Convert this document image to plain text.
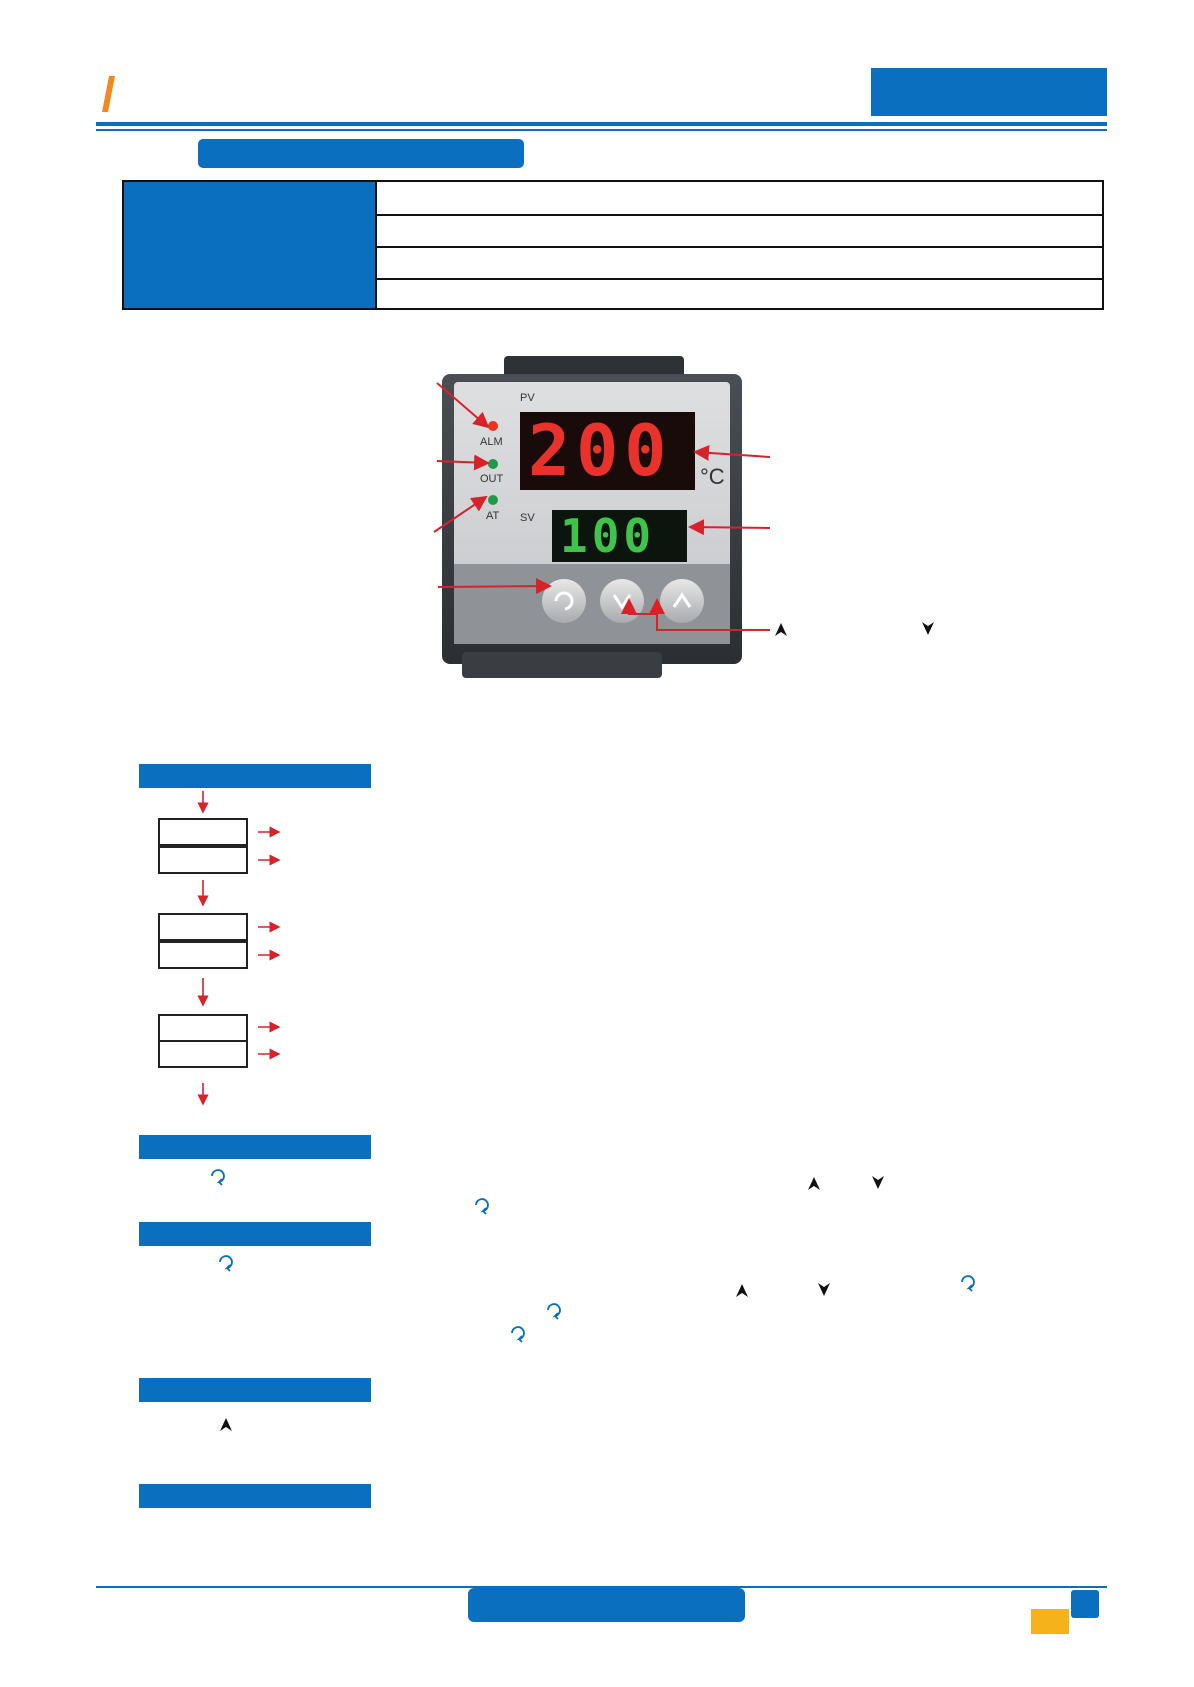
PV
SV
ALM
OUT
AT
°C
200
100
